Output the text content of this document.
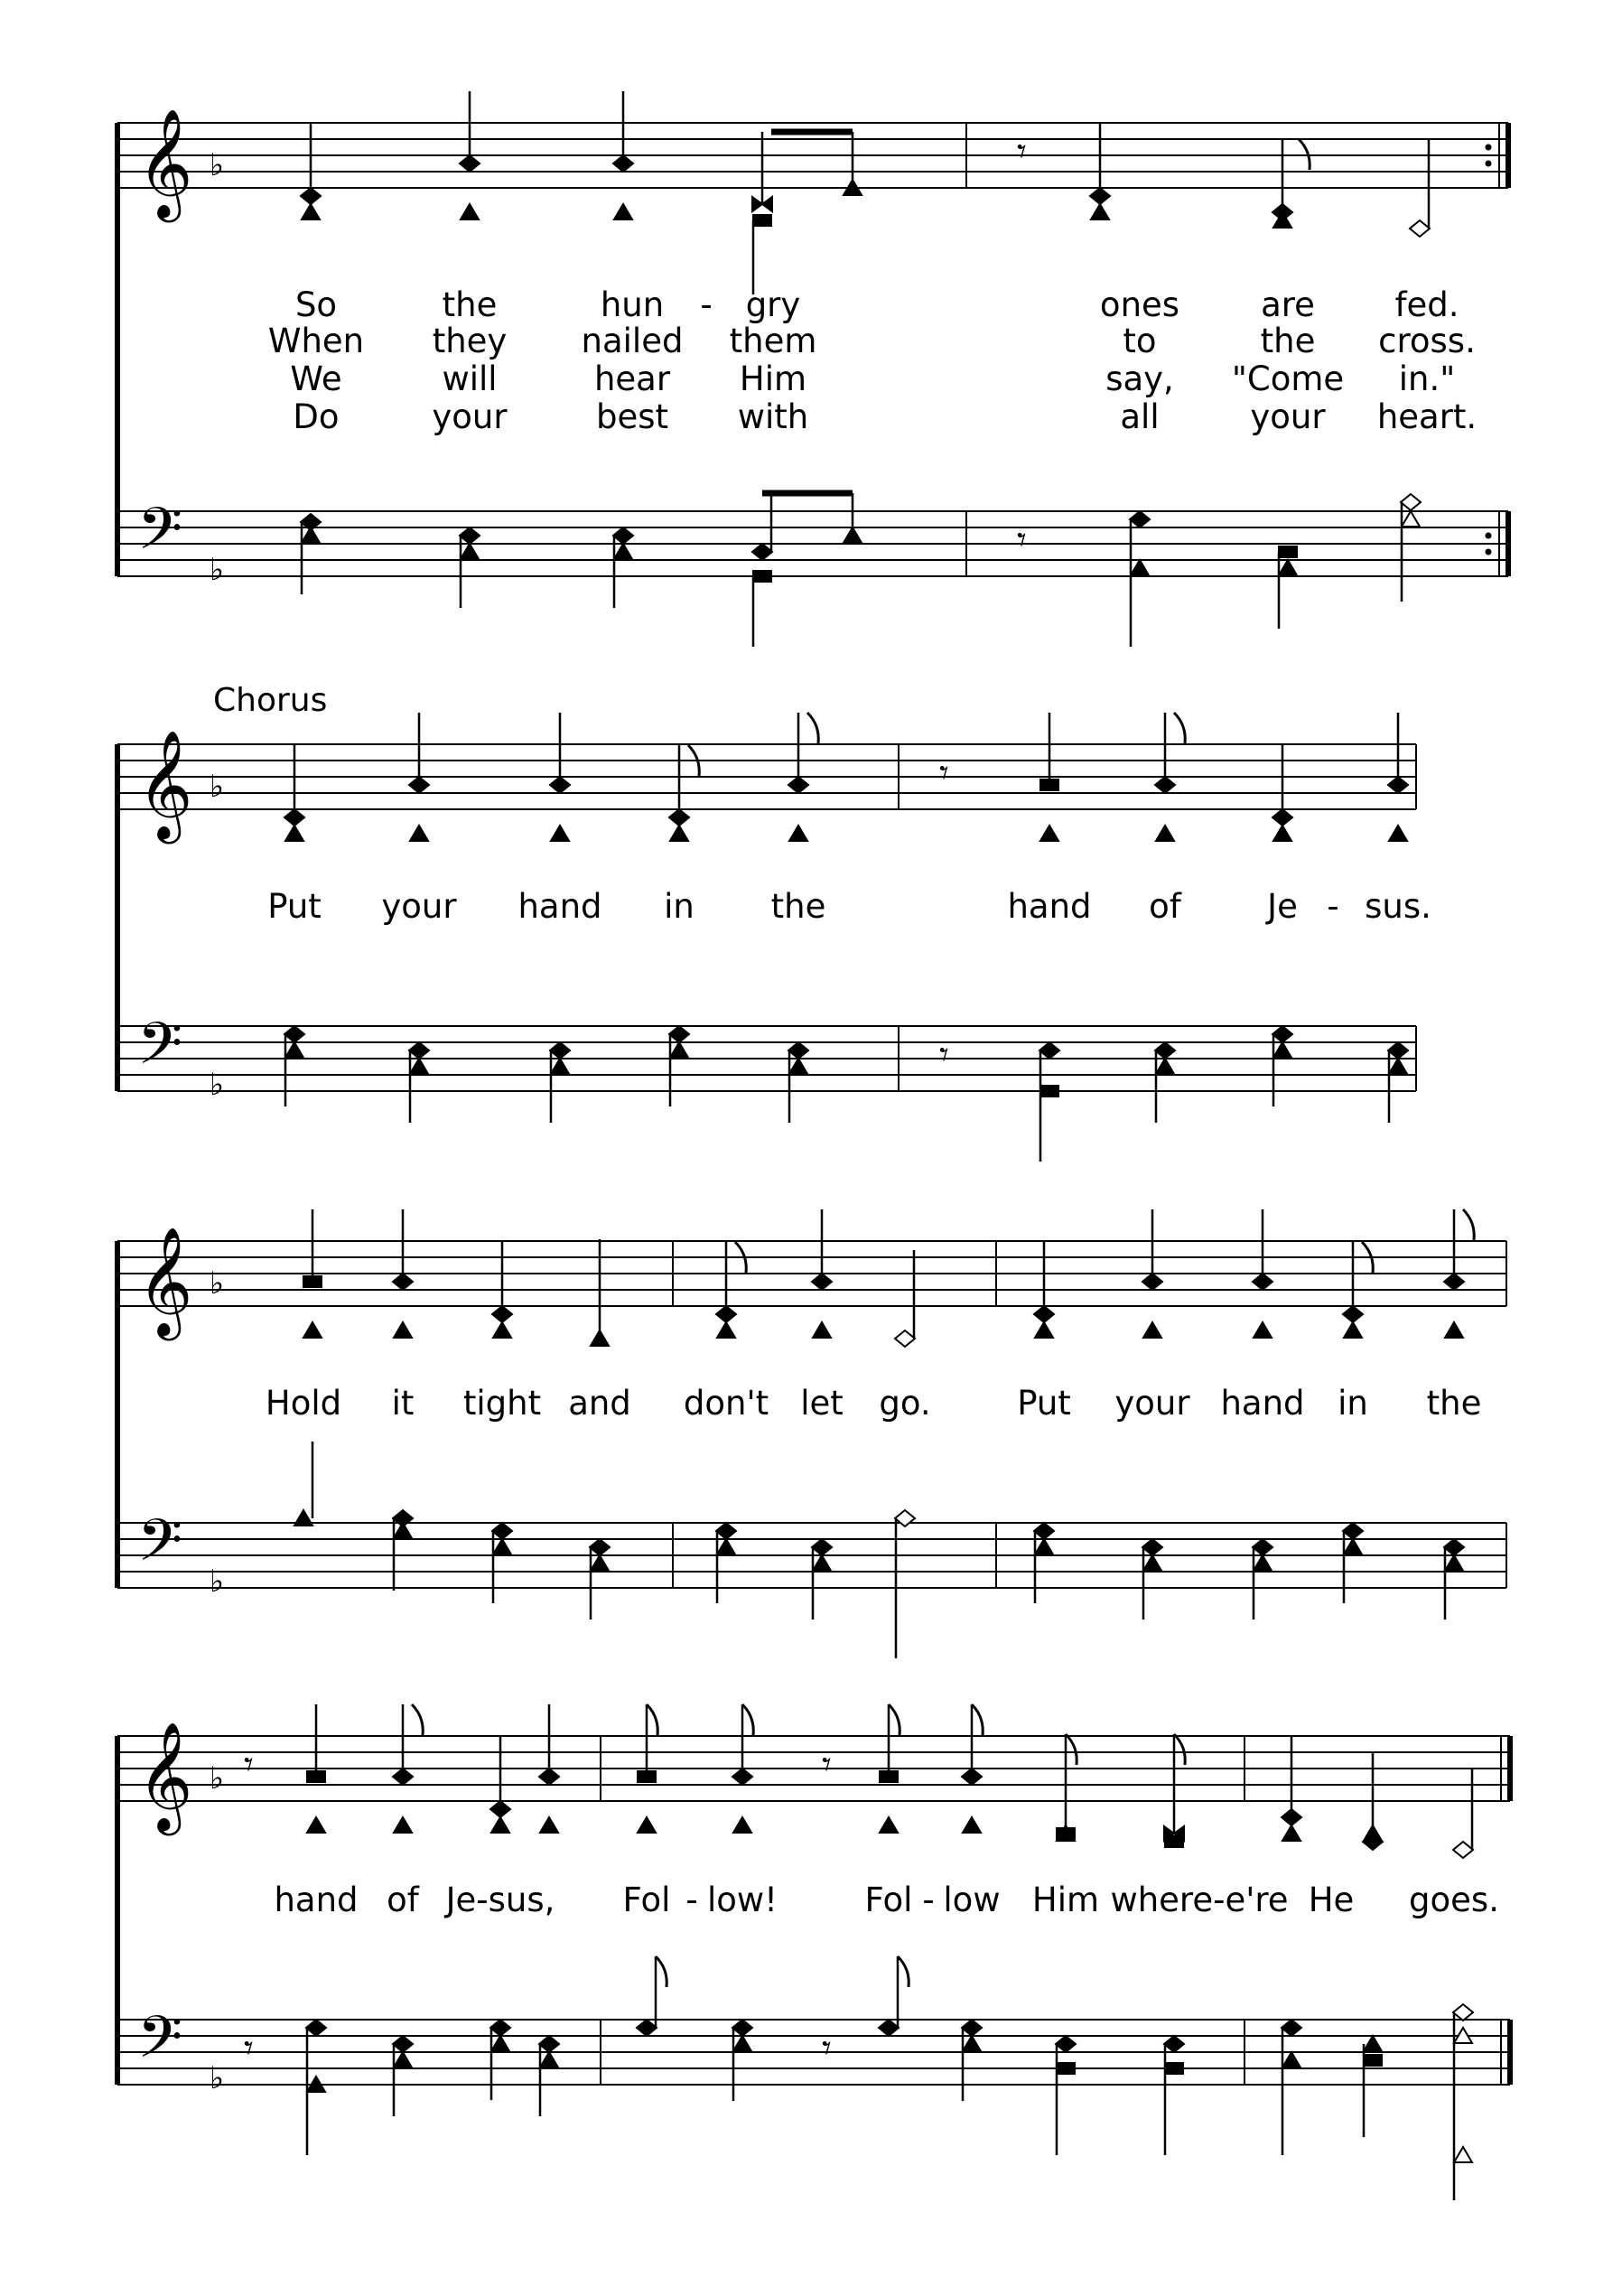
𝄞
𝄢
♭
♭
𝄞
𝄢
♭
♭
𝄞
𝄢
♭
♭
𝄞
𝄢
♭
♭
𝄾
𝄾
𝄾
𝄾
𝄾	𝄾
𝄾	𝄾
Chorus
So	the	hun - gry	ones are fed.
When they nailed them	to	the cross.
We	will	hear Him	say, "Come in."
Do	your	best with	all	your heart.
Put your hand in the	hand of	Je - sus.
Hold it tight and don't let go.	Put your hand in the
hand of Je-sus, Fol - low!	Fol - low Him where-e're He goes.
